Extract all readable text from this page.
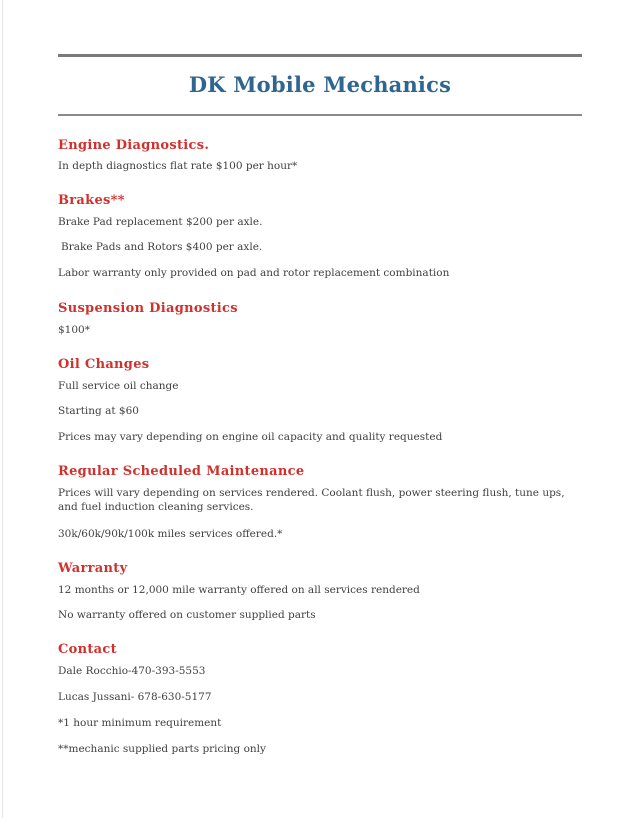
DK Mobile Mechanics
Engine Diagnostics.
In depth diagnostics flat rate $100 per hour*
Brakes**
Brake Pad replacement $200 per axle.
Brake Pads and Rotors $400 per axle.
Labor warranty only provided on pad and rotor replacement combination
Suspension Diagnostics
$100*
Oil Changes
Full service oil change
Starting at $60
Prices may vary depending on engine oil capacity and quality requested
Regular Scheduled Maintenance
Prices will vary depending on services rendered. Coolant flush, power steering flush, tune ups, and fuel induction cleaning services.
30k/60k/90k/100k miles services offered.*
Warranty
12 months or 12,000 mile warranty offered on all services rendered
No warranty offered on customer supplied parts
Contact
Dale Rocchio-470-393-5553
Lucas Jussani- 678-630-5177
*1 hour minimum requirement
**mechanic supplied parts pricing only
